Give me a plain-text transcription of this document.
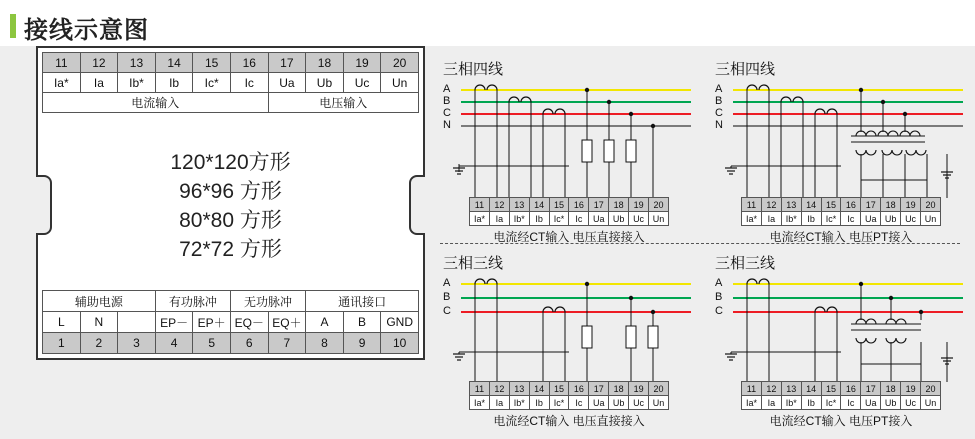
接线示意图
11	12	13	14	15	16	17	18	19	20
Ia*	Ia	Ib*	Ib	Ic*	Ic	Ua	Ub	Uc	Un
电流输入						电压输入			
120*120方形
96*96 方形
80*80 方形
72*72 方形
辅助电源			有功脉冲		无功脉冲		通讯接口		
L	N		EP－	EP＋	EQ－	EQ＋	A	B	GND
1	2	3	4	5	6	7	8	9	10
三相四线
A
B
C
N
11	12	13	14	15	16	17	18	19	20
Ia*	Ia	Ib*	Ib	Ic*	Ic	Ua	Ub	Uc	Un
电流经CT输入 电压直接接入
三相四线
A
B
C
N
11	12	13	14	15	16	17	18	19	20
Ia*	Ia	Ib*	Ib	Ic*	Ic	Ua	Ub	Uc	Un
电流经CT输入 电压PT接入
三相三线
A
B
C
11	12	13	14	15	16	17	18	19	20
Ia*	Ia	Ib*	Ib	Ic*	Ic	Ua	Ub	Uc	Un
电流经CT输入 电压直接接入
三相三线
A
B
C
11	12	13	14	15	16	17	18	19	20
Ia*	Ia	Ib*	Ib	Ic*	Ic	Ua	Ub	Uc	Un
电流经CT输入 电压PT接入
